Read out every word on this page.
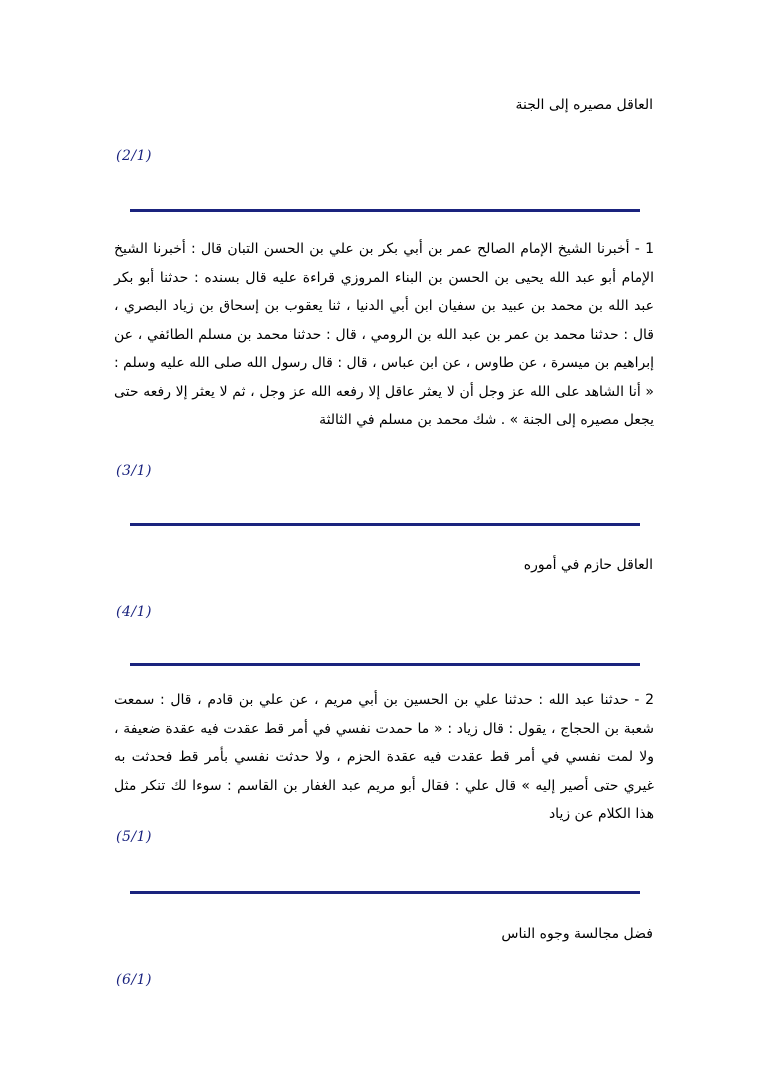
العاقل مصيره إلى الجنة
(2/1)
1 - أخبرنا الشيخ الإمام الصالح عمر بن أبي بكر بن علي بن الحسن التبان قال : أخبرنا الشيخ الإمام أبو عبد الله يحيى بن الحسن بن البناء المروزي قراءة عليه قال بسنده : حدثنا أبو بكر عبد الله بن محمد بن عبيد بن سفيان ابن أبي الدنيا ، ثنا يعقوب بن إسحاق بن زياد البصري ، قال : حدثنا محمد بن عمر بن عبد الله بن الرومي ، قال : حدثنا محمد بن مسلم الطائفي ، عن إبراهيم بن ميسرة ، عن طاوس ، عن ابن عباس ، قال : قال رسول الله صلى الله عليه وسلم : « أنا الشاهد على الله عز وجل أن لا يعثر عاقل إلا رفعه الله عز وجل ، ثم لا يعثر إلا رفعه حتى يجعل مصيره إلى الجنة » . شك محمد بن مسلم في الثالثة
(3/1)
العاقل حازم في أموره
(4/1)
2 - حدثنا عبد الله : حدثنا علي بن الحسين بن أبي مريم ، عن علي بن قادم ، قال : سمعت شعبة بن الحجاج ، يقول : قال زياد : « ما حمدت نفسي في أمر قط عقدت فيه عقدة ضعيفة ، ولا لمت نفسي في أمر قط عقدت فيه عقدة الحزم ، ولا حدثت نفسي بأمر قط فحدثت به غيري حتى أصير إليه » قال علي : فقال أبو مريم عبد الغفار بن القاسم : سوءا لك تنكر مثل هذا الكلام عن زياد
(5/1)
فضل مجالسة وجوه الناس
(6/1)
